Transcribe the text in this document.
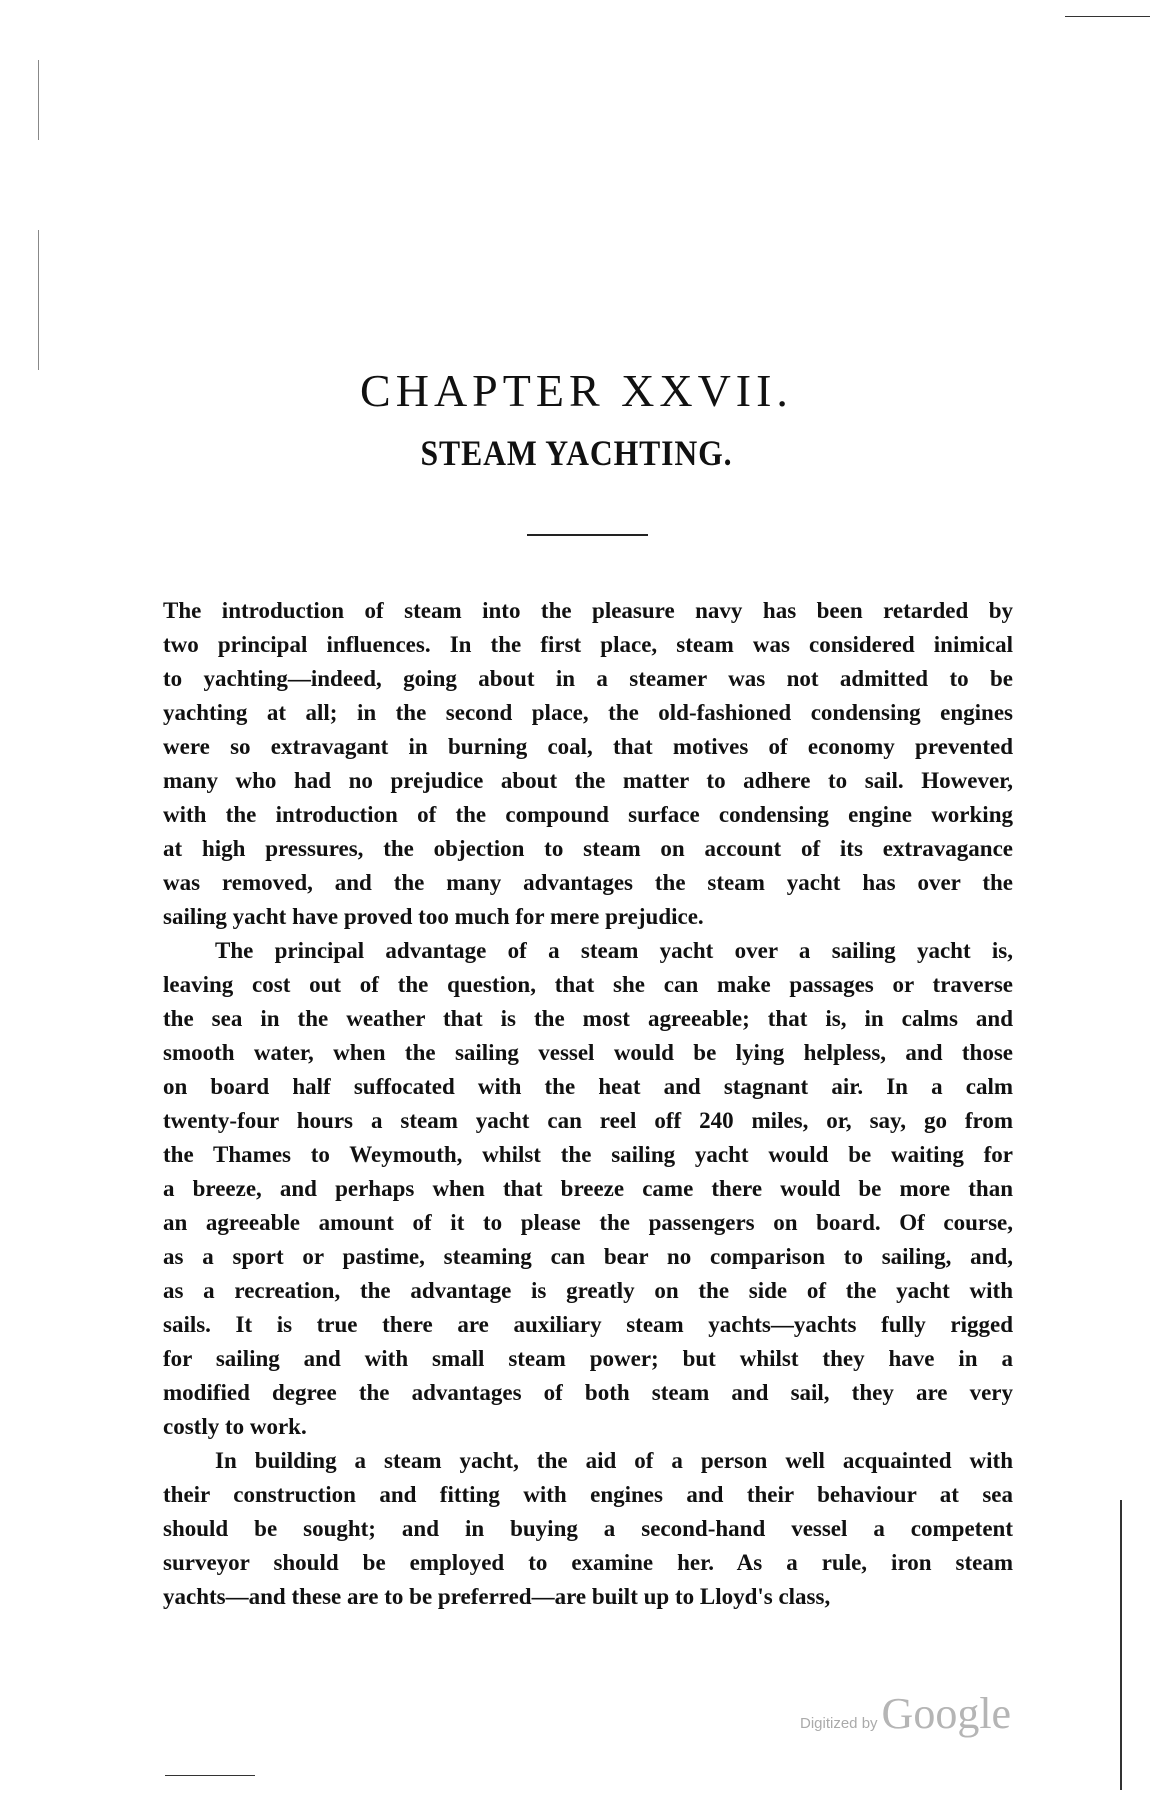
CHAPTER XXVII.
STEAM YACHTING.
The introduction of steam into the pleasure navy has been retarded by
two principal influences. In the first place, steam was considered inimical
to yachting—indeed, going about in a steamer was not admitted to be
yachting at all; in the second place, the old-fashioned condensing engines
were so extravagant in burning coal, that motives of economy prevented
many who had no prejudice about the matter to adhere to sail. However,
with the introduction of the compound surface condensing engine working
at high pressures, the objection to steam on account of its extravagance
was removed, and the many advantages the steam yacht has over the
sailing yacht have proved too much for mere prejudice.
The principal advantage of a steam yacht over a sailing yacht is,
leaving cost out of the question, that she can make passages or traverse
the sea in the weather that is the most agreeable; that is, in calms and
smooth water, when the sailing vessel would be lying helpless, and those
on board half suffocated with the heat and stagnant air. In a calm
twenty-four hours a steam yacht can reel off 240 miles, or, say, go from
the Thames to Weymouth, whilst the sailing yacht would be waiting for
a breeze, and perhaps when that breeze came there would be more than
an agreeable amount of it to please the passengers on board. Of course,
as a sport or pastime, steaming can bear no comparison to sailing, and,
as a recreation, the advantage is greatly on the side of the yacht with
sails. It is true there are auxiliary steam yachts—yachts fully rigged
for sailing and with small steam power; but whilst they have in a
modified degree the advantages of both steam and sail, they are very
costly to work.
In building a steam yacht, the aid of a person well acquainted with
their construction and fitting with engines and their behaviour at sea
should be sought; and in buying a second-hand vessel a competent
surveyor should be employed to examine her. As a rule, iron steam
yachts—and these are to be preferred—are built up to Lloyd's class,
Digitized by Google
